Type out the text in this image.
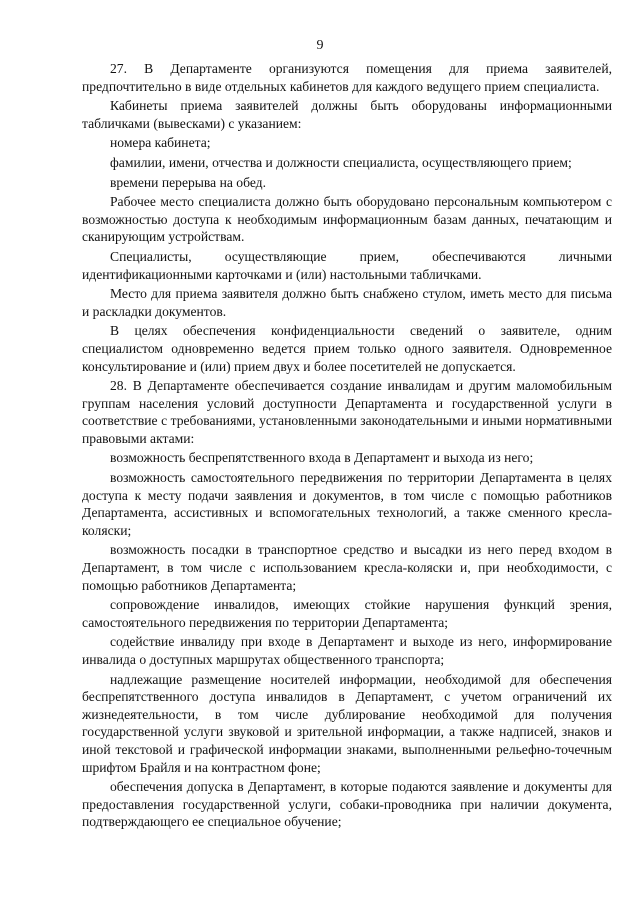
9

27. В Департаменте организуются помещения для приема заявителей, предпочтительно в виде отдельных кабинетов для каждого ведущего прием специалиста.

Кабинеты приема заявителей должны быть оборудованы информационными табличками (вывесками) с указанием:

номера кабинета;

фамилии, имени, отчества и должности специалиста, осуществляющего прием;

времени перерыва на обед.

Рабочее место специалиста должно быть оборудовано персональным компьютером с возможностью доступа к необходимым информационным базам данных, печатающим и сканирующим устройствам.

Специалисты, осуществляющие прием, обеспечиваются личными идентификационными карточками и (или) настольными табличками.

Место для приема заявителя должно быть снабжено стулом, иметь место для письма и раскладки документов.

В целях обеспечения конфиденциальности сведений о заявителе, одним специалистом одновременно ведется прием только одного заявителя. Одновременное консультирование и (или) прием двух и более посетителей не допускается.

28. В Департаменте обеспечивается создание инвалидам и другим маломобильным группам населения условий доступности Департамента и государственной услуги в соответствие с требованиями, установленными законодательными и иными нормативными правовыми актами:

возможность беспрепятственного входа в Департамент и выхода из него;

возможность самостоятельного передвижения по территории Департамента в целях доступа к месту подачи заявления и документов, в том числе с помощью работников Департамента, ассистивных и вспомогательных технологий, а также сменного кресла-коляски;

возможность посадки в транспортное средство и высадки из него перед входом в Департамент, в том числе с использованием кресла-коляски и, при необходимости, с помощью работников Департамента;

сопровождение инвалидов, имеющих стойкие нарушения функций зрения, самостоятельного передвижения по территории Департамента;

содействие инвалиду при входе в Департамент и выходе из него, информирование инвалида о доступных маршрутах общественного транспорта;

надлежащие размещение носителей информации, необходимой для обеспечения беспрепятственного доступа инвалидов в Департамент, с учетом ограничений их жизнедеятельности, в том числе дублирование необходимой для получения государственной услуги звуковой и зрительной информации, а также надписей, знаков и иной текстовой и графической информации знаками, выполненными рельефно-точечным шрифтом Брайля и на контрастном фоне;

обеспечения допуска в Департамент, в которые подаются заявление и документы для предоставления государственной услуги, собаки-проводника при наличии документа, подтверждающего ее специальное обучение;
